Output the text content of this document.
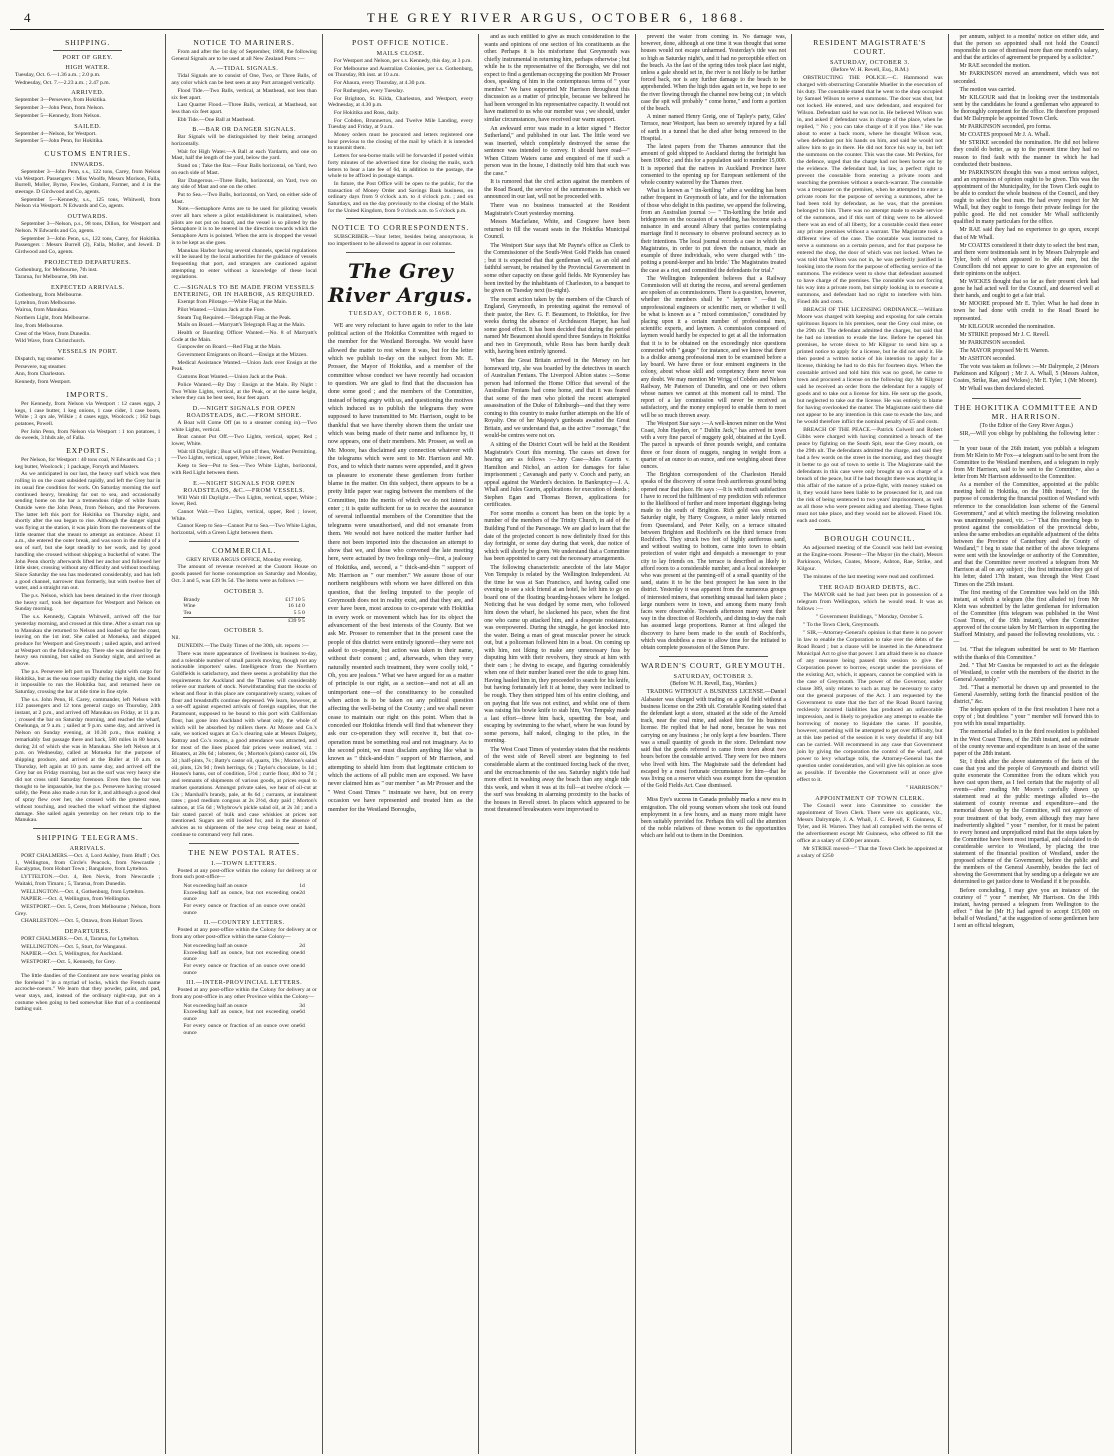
4	THE GREY RIVER ARGUS, OCTOBER 6, 1868.
SHIPPING.
PORT OF GREY.
HIGH WATER.

Tuesday, Oct. 6.—1.36 a.m. ; 2.0 p.m.

Wednesday, Oct. 7.—2.23 a.m. ; 2.47 p.m.

ARRIVED.

September 3—Persevere, from Hokitika.

September 3—John Penn, from Nelson.

September 5—Kennedy, from Nelson.

SAILED.

September 4—Nelson, for Westport.

September 5—John Penn, for Hokitika.

CUSTOMS ENTRIES.
INWARDS.

September 3—John Penn, s.s., 122 tons, Carey, from Nelson via Westport. Passengers : Miss Woolfe, Messrs Morison, Falla, Burrell, Moller, Byrne, Fowles, Graham, Farmer, and 4 in the steerage. D Girdwood and Co, agents.

September 5—Kennedy, s.s., 125 tons, Whitwell, from Nelson via Westport. N Edwards and Co, agents.

OUTWARDS.

September 3—Nelson, p.s., 98 tons, Dillon, for Westport and Nelson. N Edwards and Co, agents.

September 3—John Penn, s.s., 122 tons, Carey, for Hokitika. Passengers : Messrs Burrell (2), Falla, Moller, and Jewell. D Girdwood and Co, agents.

PROJECTED DEPARTURES.

Gothenburg, for Melbourne, 7th inst.

Tararua, for Melbourne, 9th inst.

EXPECTED ARRIVALS.

Gothenburg, from Melbourne.

Lyttelton, from Melbourne.

Wairoa, from Manukau.

Northern Light, from Melbourne.

Ino, from Melbourne.

Crest of the Wave, from Dunedin.

Wild Wave, from Christchurch.

VESSELS IN PORT.

Dispatch, tug steamer.

Persevere, tug steamer.

Ann, from Charleston.

Kennedy, from Westport.

IMPORTS.

Per Kennedy, from Nelson via Westport : 12 cases eggs, 2 kegs, 1 case butter, 1 keg onions, 1 case cider, 1 case boots, White ; 3 qrs ale, Wilkie ; 4 cases eggs, Woolcock ; 162 bags potatoes, Powell.

Per John Penn, from Nelson via Westport : 1 ton potatoes, 1 do sweeds, 3 hhds ale, of Falla.

EXPORTS.

Per Nelson, for Westport : 40 tons coal, N Edwards and Co ; 1 keg butter, Woolcock ; 1 package, Forsyth and Masters.

As we anticipated in our last, the heavy surf which was then rolling in on the coast subsided rapidly, and left the Grey bar in its usual fine condition for work. On Saturday morning the surf continued heavy, breaking far out to sea, and occasionally sending home on the bar a tremendous ridge of white foam. Outside were the John Penn, from Nelson, and the Persevere. The latter left this port for Hokitika on Thursday night, and shortly after the sea began to rise. Although the danger signal was flying at the station, it was plain from the movements of the little steamer that she meant to attempt an entrance. About 11 a.m., she entered the outer break, and was soon in the midst of a sea of surf, but she kept steadily to her work, and by good handling she crossed without shipping a bucketful of water. The John Penn shortly afterwards lifted her anchor and followed her little sister, crossing without any difficulty and without touching. Since Saturday the sea has moderated considerably, and has left a good channel, narrower than formerly, but with twelve feet of water, and a straight run out.

The p.s. Nelson, which has been detained in the river through the heavy surf, took her departure for Westport and Nelson on Sunday morning.

The s.s. Kennedy, Captain Whitwell, arrived off the bar yesterday morning, and crossed at this time. After a smart run up to Manukau she returned to Nelson and loaded up for the coast, leaving on the 1st inst. She called at Motueka, and shipped produce for Westport and Greymouth ; sailed again, and arrived at Westport on the following day. There she was detained by the heavy sea running, but sailed on Sunday night, and arrived as above.

The p.s. Persevere left port on Thursday night with cargo for Hokitika, but as the sea rose rapidly during the night, she found it impossible to run the Hokitika bar, and returned here on Saturday, crossing the bar at tide time in fine style.

The s.s. John Penn, H. Carey, commander, left Nelson with 112 passengers and 12 tons general cargo on Thursday, 24th instant, at 2 p.m., and arrived off Manukau on Friday, at 11 p.m. ; crossed the bar on Saturday morning, and reached the wharf, Onehunga, at 9 a.m. ; sailed at 9 p.m. same day, and arrived in Nelson on Sunday evening, at 10.30 p.m., thus making a remarkably fast passage there and back, 580 miles in 80 hours, during 24 of which she was in Manukau. She left Nelson at 4 p.m. on Wednesday, called at Motueka for the purpose of shipping produce, and arrived at the Buller at 10 a.m. on Thursday, left again at 10 p.m. same day, and arrived off the Grey bar on Friday morning, but as the surf was very heavy she did not cross until Saturday forenoon. Even then the bar was thought to be impassable, but the p.s. Persevere having crossed safely, the Penn also made a run for it, and although a good deal of spray flew over her, she crossed with the greatest ease, without touching, and reached the wharf without the slightest damage. She sailed again yesterday on her return trip to the Manukau.

SHIPPING TELEGRAMS.
ARRIVALS.

PORT CHALMERS.—Oct. 4, Lord Ashley, from Bluff ; Oct. 1, Wellington, from Circle's Peacock, from Newcastle ; Eucalyptus, from Hobart Town ; Bangalore, from Lyttelton.

LYTTELTON.—Oct. 4, Ben Nevis, from Newcastle ; Waitaki, from Timaru ; 5, Tararua, from Dunedin.

WELLINGTON.—Oct. 4, Gothenburg, from Lyttelton.

NAPIER.—Oct. 4, Wellington, from Wellington.

WESTPORT.—Oct. 5, Ceres, from Melbourne ; Nelson, from Grey.

CHARLESTON.—Oct. 5, Ottawa, from Hobart Town.

DEPARTURES.

PORT CHALMERS.—Oct. 4, Tararua, for Lyttelton.

WELLINGTON.—Oct. 5, Sturt, for Wanganui.

NAPIER.—Oct. 5, Wellington, for Auckland.

WESTPORT.—Oct. 5, Kennedy, for Grey.

The little dandies of the Continent are now wearing pinks on the forehead " in a myriad of locks, which the French name accroche-coeurs." We learn that they powder, paint, and pad, wear stays, and, instead of the ordinary night-cap, put on a costume when going to bed somewhat like that of a continental bathing suit.

NOTICE TO MARINERS.

From and after the 1st day of September, 1868, the following General Signals are to be used at all New Zealand Ports :—

A.—TIDAL SIGNALS.

Tidal Signals are to consist of One, Two, or Three Balls, of any color which can be best seen at any Port arranged vertically.

Flood Tide.—Two Balls, vertical, at Masthead, not less than six feet apart.

Last Quarter Flood.—Three Balls, vertical, at Masthead, not less than six feet apart.

Ebb Tide.—One Ball at Masthead.

B.—BAR OR DANGER SIGNALS.

Bar Signals will be distinguished by their being arranged horizontally.

Wait for High Water.—A Ball at each Yardarm, and one on Mast, half the length of the yard, below the yard.

Stand on ; Take the Bar.—Four Balls horizontal, on Yard, two on each side of Mast.

Bar Dangerous.—Three Balls, horizontal, on Yard, two on any side of Mast and one on the other.

Put to Sea.—Two Balls, horizontal, on Yard, on either side of Mast.

Note.—Semaphore Arms are to be used for piloting vessels over all bars where a pilot establishment is maintained, when pilots are not put on board, and the vessel is so piloted by the Semaphore it is to be steered in the direction towards which the Semaphore Arm is pointed. When the arm is dropped the vessel is to be kept as she goes.

Manukau Harbor having several channels, special regulations will be issued by the local authorities for the guidance of vessels frequenting that port, and strangers are cautioned against attempting to enter without a knowledge of these local regulations.

C.—SIGNALS TO BE MADE FROM VESSELS ENTERING, OR IN HARBOR, AS REQUIRED.

Exempt from Pilotage.—White Flag at the Main.

Pilot Wanted.—Union Jack at the Fore.

Steam Tug Required.—Telegraph Flag at the Peak.

Mails on Board.—Marryatt's Telegraph Flag at the Main.

Health or Boarding Officer Wanted.—No. 8 of Marryatt's Code at the Main.

Gunpowder on Board.—Red Flag at the Main.

Government Emigrants on Board.—Ensign at the Mizzen.

Medical Assistance Wanted.—Union Jack over Ensign at the Peak.

Customs Boat Wanted.—Union Jack at the Peak.

Police Wanted.—By Day : Ensign at the Main. By Night : Two White Lights, vertical, at the Peak, or at the same height, where they can be best seen, four feet apart.

D.—NIGHT SIGNALS FOR OPEN ROADSTEADS, &C.—FROM SHORE.

A Boat will Come Off (as to a steamer coming in).—Two white Lights, vertical.

Boat cannot Put Off.—Two Lights, vertical, upper, Red ; lower, White.

Wait till Daylight ; Boat will put off then, Weather Permitting.—Two Lights, vertical, upper, White ; lower, Red.

Keep to Sea—Put to Sea.—Two White Lights, horizontal, with Red Light between them.

E.—NIGHT SIGNALS FOR OPEN ROADSTEADS, &C.—FROM VESSELS.

Will Wait till Daylight.—Two Lights, vertical, upper, White ; lower, Red.

Cannot Wait.—Two Lights, vertical, upper, Red ; lower, White.

Cannot Keep to Sea—Cannot Put to Sea.—Two White Lights, horizontal, with a Green Light between them.

COMMERCIAL.

GREY RIVER ARGUS OFFICE, Monday evening.

The amount of revenue received at the Custom House on goods passed for home consumption on Saturday and Monday, Oct. 3 and 5, was £39 9s 5d. The items were as follows :—

OCTOBER 3.
Brandy	£17 10 5
Wine	16 14 0
Tea	5 5 0
£39 9 5
OCTOBER 5.

Nil.

DUNEDIN.—The Daily Times of the 30th, ult. reports :—

There was more appearance of liveliness in business to-day, and a tolerable number of small parcels moving, though not any noticeable importers' sales. Intelligence from the Northern Goldfields is satisfactory, and there seems a probability that the requirements for Auckland and the Thames will considerably relieve our markets of stock. Notwithstanding that the stocks of wheat and flour in this place are comparatively scanty, values of flour and breadstuffs continue depressed. We learn, however, at a set-off against expected arrivals of foreign supplies, that the Paramount, supposed to be bound to this port with Californian flour, has gone into Auckland with wheat only, the whole of which will be absorbed by millers there. At Moore and Co.'s sale, we noticed sugars at Co.'s clearing sale at Messrs Dalgety, Rattray and Co.'s rooms, a good attendance was attracted, and for most of the lines placed fair prices were realised, viz. : Bloaters, at 28s 6d ; lobsters, 6s ; Morton's (pints) castor oil, 19s 3d ; half-pints, 7s ; Batty's castor oil, quarts, 19s ; Morton's salad oil, pints, 12s 9d ; fresh herrings, 6s ; Taylor's chocolate, 1s 1d ; Houses's hams, out of condition, 5½d ; currie flour, 40d to 7d ; and remnants of shipments of various goods, at prices equal to market quotations. Amongst private sales, we hear of oil-cut at 13s ; Marshall's brandy, pale, at 8s 6d ; currants, at instalment rates ; good medium congous at 2s 2½d, duty paid ; Morton's salmon, at 15s 6d ; Whybrow's pickle salad oil, at 2s 3d ; and a fair stated parcel of bulk and case whiskies at prices not mentioned. Sugars are still looked for, and in the absence of advices as to shipments of the new crop being near at hand, continue to command very full rates.

THE NEW POSTAL RATES.
I.—TOWN LETTERS.

Posted at any post-office within the colony for delivery at or from such post-office—

Not exceeding half an ounce	1d
Exceeding half an ounce, but not exceeding one ounce
2d
For every ounce or fraction of an ounce over one ounce
2d
II.—COUNTRY LETTERS.

Posted at any post-office within the Colony for delivery at or from any other post-office within the same Colony—

Not exceeding half an ounce	2d
Exceeding half an ounce, but not exceeding one ounce
4d
For every ounce or fraction of an ounce over one ounce
4d
III.—INTER-PROVINCIAL LETTERS.

Posted at any post-office within the Colony for delivery at or from any post-office in any other Province within the Colony—

Not exceeding half an ounce	3d
Exceeding half an ounce, but not exceeding one ounce
6d
For every ounce or fraction of an ounce over one ounce
6d
POST OFFICE NOTICE.
MAILS CLOSE.

For Westport and Nelson, per s.s. Kennedy, this day, at 3 p.m.

For Melbourne and Australian Colonies, per s.s. Gothenburg, on Thursday, 8th inst. at 10 a.m.

For Ahaura, every Thursday, at 4.30 p.m.

For Rutherglen, every Tuesday.

For Brighton, St. Kilda, Charleston, and Westport, every Wednesday, at 4.30 p.m.

For Hokitika and Ross, daily.

For Cobden, Brunnerton, and Twelve Mile Landing, every Tuesday and Friday, at 9 a.m.

Money orders must be procured and letters registered one hour previous to the closing of the mail by which it is intended to transmit them.

Letters for sea-borne mails will be forwarded if posted within forty minutes of the advertised time for closing the mails, such letters to bear a late fee of 6d, in addition to the postage, the whole to be affixed in postage stamps.

In future, the Post Office will be open to the public, for the transaction of Money Order and Savings Bank business, on ordinary days from 9 o'clock a.m. to 4 o'clock p.m. ; and on Saturdays, and on the day previously to the closing of the Mails for the United Kingdom, from 9 o'clock a.m. to 5 o'clock p.m.

NOTICE TO CORRESPONDENTS.

SUBSCRIBER.—Your letter, besides being anonymous, is too impertinent to be allowed to appear in our columns.

The Grey River Argus.
TUESDAY, OCTOBER 6, 1868.

WE are very reluctant to have again to refer to the late political action of the Hokitika Committee with regard to the member for the Westland Boroughs. We would have allowed the matter to rest where it was, but for the letter which we publish to-day on the subject from Mr. E. Prosser, the Mayor of Hokitika, and a member of the committee whose conduct we have recently had occasion to question. We are glad to find that the discussion has done some good ; and the members of the Committee, instead of being angry with us, and questioning the motives which induced us to publish the telegrams they were supposed to have transmitted to Mr. Harrison, ought to be thankful that we have thereby shown them the unfair use which was being made of their name and influence by, it now appears, one of their members. Mr. Prosser, as well as Mr. Moore, has disclaimed any connection whatever with the telegrams which were sent to Mr. Harrison and Mr. Fox, and to which their names were appended, and it gives us pleasure to exonerate these gentlemen from further blame in the matter. On this subject, there appears to be a pretty little paper war raging between the members of the Committee, into the merits of which we do not intend to enter ; it is quite sufficient for us to receive the assurance of several influential members of the Committee that the telegrams were unauthorised, and did not emanate from them. We would not have noticed the matter further had there not been imported into the discussion an attempt to show that we, and those who convened the late meeting here, were actuated by two feelings only—first, a jealousy of Hokitika, and, second, a " thick-and-thin " support of Mr. Harrison as " our member." We assure those of our northern neighbours with whom we have differed on this question, that the feeling imputed to the people of Greymouth does not in reality exist, and that they are, and ever have been, most anxious to co-operate with Hokitika in every work or movement which has for its object the advancement of the best interests of the County. But we ask Mr. Prosser to remember that in the present case the people of this district were entirely ignored—they were not asked to co-operate, but action was taken in their name, without their consent ; and, afterwards, when they very naturally resented such treatment, they were coolly told, " Oh, you are jealous." What we have argued for as a matter of principle is our right, as a section—and not at all an unimportant one—of the constituency to be consulted when action is to be taken on any political question affecting the well-being of the County ; and we shall never cease to maintain our right on this point. When that is conceded our Hokitika friends will find that whenever they ask our co-operation they will receive it, but that co-operation must be something real and not imaginary. As to the second point, we must disclaim anything like what is known as " thick-and-thin " support of Mr Harrison, and attempting to shield him from that legitimate criticism to which the actions of all public men are exposed. We have never claimed him as " our member " as Mr Prosser and the " West Coast Times " insinuate we have, but on every occasion we have represented and treated him as the member for the Westland Boroughs,

and as such entitled to give as much consideration to the wants and opinions of one section of his constituents as the other. Perhaps it is his misfortune that Greymouth was chiefly instrumental in returning him, perhaps otherwise ; but while he is the representative of the Boroughs, we did not expect to find a gentleman occupying the position Mr Prosser does, speaking of him in the contemptuous terms of " your member." We have supported Mr Harrison throughout this discussion as a matter of principle, because we believed he had been wronged in his representative capacity. It would not have mattered to us who our member was ; we should, under similar circumstances, have received our warm support.

An awkward error was made in a letter signed " Hector Sutherland," and published in our last. The little word we was inserted, which completely destroyed the sense the sentence was intended to convey. It should have read—" When Citizen Waters came and enquired of me if such a person was in the house, I distinctly told him that such was the case."

It is rumored that the civil action against the members of the Road Board, the service of the summonses in which we announced in our last, will not be proceeded with.

There was no business transacted at the Resident Magistrate's Court yesterday morning.

Messrs Macfarlane, White, and Cosgrave have been returned to fill the vacant seats in the Hokitika Municipal Council.

The Westport Star says that Mr Payne's office as Clerk to the Commissioner of the South-West Gold Fields has ceased ; but it is expected that that gentleman will, as an old and faithful servant, be retained by the Provincial Government in some other capacity on these gold fields. Mr Kynnersley has been invited by the inhabitants of Charleston, to a banquet to be given on Tuesday next (to-night).

The recent action taken by the members of the Church of England, Greymouth, in protesting against the removal of their pastor, the Rev. G. F. Beaumont, to Hokitika, for five weeks during the absence of Archdeacon Harper, has had some good effect. It has been decided that during the period named Mr Beaumont should spend three Sundays in Hokitika and two in Greymouth, while Ross has been hardly dealt with, having been entirely ignored.

When the Great Britain arrived in the Mersey on her homeward trip, she was boarded by the detectives in search of Australian Fenians. The Liverpool Albion states :—Some person had informed the Home Office that several of the Australian Fenians had come home, and that it was feared that some of the men who plotted the recent attempted assassination of the Duke of Edinburgh—and that they were coming to this country to make further attempts on the life of Royalty. One of her Majesty's gunboats awaited the Great Britain, and we understand that, as the active " roomage," the would-be centres were not on.

A sitting of the District Court will be held at the Resident Magistrate's Court this morning. The cases set down for hearing are as follows :—Jury Case—Jules Guerin v. Hamilton and Nichol, an action for damages for false imprisonment ; Cavanagh and party v. Cooch and party, an appeal against the Warden's decision. In Bankruptcy—J. A. Whall and Jules Guerin, applications for execution of deeds ; Stephen Egan and Thomas Brown, applications for certificates.

For some months a concert has been on the topic by a number of the members of the Trinity Church, in aid of the Building Fund of the Parsonage. We are glad to learn that the date of the projected concert is now definitely fixed for this day fortnight, or some day during that week, due notice of which will shortly be given. We understand that a Committee has been appointed to carry out the necessary arrangements.

The following characteristic anecdote of the late Major Von Tempsky is related by the Wellington Independent. At the time he was at San Francisco, and having called one evening to see a sick friend at an hotel, he left him to go on board one of the floating boarding-houses where he lodged. Noticing that he was dodged by some men, who followed him down the wharf, he slackened his pace, when the first one who came up attacked him, and a desperate resistance, was overpowered. During the struggle, he got knocked into the water. Being a man of great muscular power he struck out, but a policeman followed him in a boat. On coming up with him, not liking to make any unnecessary fuss by disputing him with their revolvers, they struck at him with their oars ; he diving to escape, and figuring considerably when one of their number leaned over the side to grasp him. Having hauled him in, they proceeded to search for his knife, but having fortunately left it at home, they were inclined to be rough. They then stripped him of his entire clothing, and on paying that life was not extinct, and whilst one of them was raising his bowie knife to stab him, Von Tempsky made a last effort—threw him back, upsetting the boat, and escaping by swimming to the wharf, where he was found by some persons, half naked, clinging to the piles, in the morning.

The West Coast Times of yesterday states that the residents of the west side of Revell street are beginning to feel considerable alarm at the continued forcing back of the river, and the encroachments of the sea. Saturday night's tide had more effect in washing away the beach than any single tide this week, and when it was at its full—at twelve o'clock —the surf was breaking in alarming proximity to the backs of the houses in Revell street. In places which appeared to be most threatened breakwaters were improvised to

prevent the water from coming in. No damage was, however, done, although at one time it was thought that some houses would not escape unharmed. Yesterday's tide was not so high as Saturday night's, and it had no perceptible effect on the beach. As the last of the spring tides took place last night, unless a gale should set in, the river is not likely to be further forced back, nor is any further damage to the beach to be apprehended. When the high tides again set in, we hope to see the river flowing through the channel now being cut ; in which case the spit will probably " come home," and form a portion of the beach.

A miner named Henry Greig, one of Tapley's party, Giles' Terrace, near Westport, has been so severely injured by a fall of earth in a tunnel that he died after being removed to the Hospital.

The latest papers from the Thames announce that the amount of gold shipped to Auckland during the fortnight has been 1900oz ; and this for a population said to number 15,000. It is reported that the natives in Auckland Province have consented to the opening up for European settlement of the whole country watered by the Thames river.

What is known as " tin-kettling " after a wedding has been rather frequent in Greymouth of late, and for the information of those who delight in this pastime, we append the following, from an Australian journal :— " Tin-kettling the bride and bridegroom on the occasion of a wedding, has become such a nuisance in and around Albury that parties contemplating marriage find it necessary to observe profound secrecy as to their intentions. The local journal records a case in which the Magistrates, in order to put down the nuisance, made an example of three individuals, who were charged with ' tin-potting a pound-keeper and his bride.' The Magistrates treated the case as a riot, and committed the defendants for trial."

The Wellington Independent believes that a Railway Commission will sit during the recess, and several gentlemen are spoken of as commissioners. There is a question, however, whether the members shall be " laymen " —that is, unprofessional engineers or scientific men, or whether it will be what is known as a " mixed commission," constituted by placing upon it a certain number of professional men, scientific experts, and laymen. A commission composed of laymen would hardly be expected to get at all the information that it is to be obtained on the exceedingly nice questions connected with " gauge " for instance, and we know that there is a dislike among professional men to be examined before a lay board. We have three or four eminent engineers in the colony, about whose skill and competency there never was any doubt. We may mention Mr Wrigg of Cobden and Nelson Railway, Mr Paterson of Dunedin, and one or two others whose names we cannot at this moment call to mind. The report of a lay commission will never be received as satisfactory, and the money employed to enable them to meet will be so much thrown away.

The Westport Star says :—A well-known miner on the West Coast, John Hayden, or " Dublin Jack," has arrived in town with a very fine parcel of nuggety gold, obtained at the Lyell. The parcel is upwards of three pounds weight, and contains three or four dozen of nuggets, ranging in weight from a quarter of an ounce to an ounce, and one weighing about three ounces.

The Brighton correspondent of the Charleston Herald speaks of the discovery of some fresh auriferous ground being opened near that place. He says :—It is with much satisfaction I have to record the fulfilment of my prediction with reference to the likelihood of further and more important diggings being made to the south of Brighton. Rich gold was struck on Saturday night, by Harry Cosgrave, a miner lately returned from Queensland, and Peter Kelly, on a terrace situated between Brighton and Rochford's on the third terrace from Rochford's. They struck two feet of highly auriferous sand, and without waiting to bottom, came into town to obtain protection of water right and despatch a messenger to your city to lay friends on. The terrace is described as likely to afford room to a considerable number, and a local storekeeper who was present at the panning-off of a small quantity of the sand, states it to be the best prospect he has seen in the district. Yesterday it was apparent from the numerous groups of interested miners, that something unusual had taken place ; large numbers were in town, and among them many fresh faces were observable. Towards afternoon many went their way in the direction of Rochford's, and dining to-day the rush has assumed large proportions. Rumor at first alleged the discovery to have been made to the south of Rochford's, which was doubtless a ruse to allow time for the initiated to obtain complete possession of the Simon Pure.

WARDEN'S COURT, GREYMOUTH.
SATURDAY, OCTOBER 3.

(Before W. H. Revell, Esq., Warden.)

TRADING WITHOUT A BUSINESS LICENSE.—Daniel Alabaster was charged with trading on a gold field without a business license on the 29th ult. Constable Keating stated that the defendant kept a store, situated at the side of the Arnold track, near the coal mine, and asked him for his business license. He replied that he had none, because he was not carrying on any business ; he only kept a few boarders. There was a small quantity of goods in the store. Defendant now said that the goods referred to came from town about two hours before the constable arrived. They were for two miners who lived with him. The Magistrate said the defendant had escaped by a most fortunate circumstance for him—that he was living on a reserve which was exempt from the operation of the Gold Fields Act. Case dismissed.

Miss Eye's success in Canada probably marks a new era in emigration. The old young women whom she took out found employment in a few hours, and as many more might have been suitably provided for. Perhaps this will call the attention of the noble relatives of these women to the opportunities which are held out to them in the Dominion.

RESIDENT MAGISTRATE'S COURT.
SATURDAY, OCTOBER 3.

(Before W. H. Revell, Esq., R.M.)

OBSTRUCTING THE POLICE.—C. Hammond was charged with obstructing Constable Mueller in the execution of his duty. The constable stated that he went to the shop occupied by Samuel Wilson to serve a summons. The door was shut, but not locked. He entered, and saw defendant, and enquired for Wilson. Defendant said he was not in. He believed Wilson was in, and asked if defendant was in charge of the place, when he replied, " No ; you can take charge of it if you like." He was about to enter a back room, where he thought Wilson was, when defendant put his hands on him, and said he would not allow him to go in there. He did not force his way in, but left the summons on the counter. This was the case. Mr Perkins, for the defence, urged that the charge had not been borne out by the evidence. The defendant had, in law, a perfect right to prevent the constable from entering a private room and searching the premises without a search-warrant. The constable was a trespasser on the premises, when he attempted to enter a private room for the purpose of serving a summons, after he had been told by defendant, as he was, that the premises belonged to him. There was no attempt made to evade service of the summons, and if this sort of thing were to be allowed there was an end of all liberty, for a constable could then enter any private premises without a warrant. The Magistrate took a different view of the case. The constable was instructed to serve a summons on a certain person, and for that purpose he entered the shop, the door of which was not locked. When he was told that Wilson was not in, he was perfectly justified in looking into the room for the purpose of effecting service of the summons. The evidence went to show that defendant assumed to have charge of the premises. The constable was not forcing his way into a private room, but simply looking in to execute a summons, and defendant had no right to interfere with him. Fined 40s and costs.

BREACH OF THE LICENSING ORDINANCE.—William Moore was charged with keeping and exposing for sale certain spirituous liquors in his premises, near the Grey coal mine, on the 29th ult. The defendant admitted the charges, but said that he had no intention to evade the law. Before he opened his premises, he wrote down to Mr Kilgour to send him up a printed notice to apply for a license, but he did not send it. He then posted a written notice of his intention to apply for a license, thinking he had to do this for fourteen days. When the constable arrived and told him this was no good, he came to town and procured a license on the following day. Mr Kilgour said he received an order from the defendant for a supply of goods and to take out a license for him. He sent up the goods, but neglected to take out the license. He was entirely to blame for having overlooked the matter. The Magistrate said there did not appear to be any intention in this case to evade the law, and he would therefore inflict the nominal penalty of £5 and costs.

BREACH OF THE PEACE.—Patrick Colwell and Robert Gibbs were charged with having committed a breach of the peace by fighting on the South Spit, near the Grey mouth, on the 29th ult. The defendants admitted the charge, and said they had a few words on the street in the morning, and they thought it better to go out of town to settle it. The Magistrate said the defendants in this case were only brought up on a charge of a breach of the peace, but if he had thought there was anything in this affair of the nature of a prize-fight, with money staked on it, they would have been liable to be prosecuted for it, and ran the risk of being sentenced to two years' imprisonment, as well as all those who were present aiding and abetting. These fights must not take place, and they would not be allowed. Fined 10s. each and costs.

BOROUGH COUNCIL.

An adjourned meeting of the Council was held last evening at the Engine-room. Present—The Mayor (in the chair), Messrs Parkinson, Wickes, Coates, Moore, Ashton, Rae, Strike, and Kilgour.

The minutes of the last meeting were read and confirmed.

THE ROAD BOARD DEBTS, &C.

The MAYOR said he had just been put in possession of a telegram from Wellington, which he would read. It was as follows :—

" Government Buildings, " Monday, October 5.

" To the Town Clerk, Greymouth.

" SIR,—Attorney-General's opinion is that there is no power in law to enable the Corporation to take over the debts of the Road Board ; but a clause will be inserted in the Amendment Municipal Act to give that power. I am afraid there is no chance of any measure being passed this session to give the Corporation power to borrow, except under the provisions of the existing Act, which, it appears, cannot be complied with in the case of Greymouth. The power of the Governor, under clause 389, only relates to such as may be necessary to carry out the general purposes of the Act. I am requested by the Government to state that the fact of the Road Board having recklessly incurred liabilities has produced an unfavorable impression, and is likely to prejudice any attempt to enable the borrowing of money to liquidate the same. If possible, however, something will be attempted to get over difficulty, but at this late period of the session it is very doubtful if any bill can be carried. Will recommend in any case that Government join by giving the corporation the control of the wharf, and power to levy wharfage tolls, the Attorney-General has the question under consideration, and will give his opinion as soon as possible. If favorable the Government will at once give effect to it.

" HARRISON."

APPOINTMENT OF TOWN CLERK.

The Council went into Committee to consider the appointment of Town Clerk. There were six applicants, viz., Messrs Dalrymple, J. A. Whall, J. C. Revell, F. Guinness, E. Tyler, and H. Warren. They had all complied with the terms of the advertisement except Mr Guinness, who offered to fill the office at a salary of £300 per annum.

Mr STRIKE moved—" That the Town Clerk be appointed at a salary of £250

per annum, subject to a months' notice on either side, and that the person so appointed shall not hold the Council responsible in case of dismissal more than one month's salary, and that the articles of agreement be prepared by a solicitor."

Mr RAE seconded the motion.

Mr PARKINSON moved an amendment, which was not seconded.

The motion was carried.

Mr KILGOUR said that in looking over the testimonials sent by the candidates he found a gentleman who appeared to be thoroughly competent for the office. He therefore proposed that Mr Dalrymple be appointed Town Clerk.

Mr PARKINSON seconded, pro forma.

Mr COATES proposed Mr J. A. Whall.

Mr STRIKE seconded the nomination. He did not believe they could do better, as up to the present time they had no reason to find fault with the manner in which he had conducted their business.

Mr PARKINSON thought this was a most serious subject, and an expression of opinion ought to be given. This was the appointment of the Municipality, for the Town Clerk ought to be able to conduct the whole business of the Council, and they ought to select the best man. He had every respect for Mr Whall, but they ought to forego their private feelings for the public good. He did not consider Mr Whall sufficiently qualified in many particulars for the office.

Mr RAE said they had no experience to go upon, except that of Mr Whall.

Mr COATES considered it their duty to select the best man, and there were testimonials sent in by Messrs Dalrymple and Tyler, both of whom appeared to be able men, but the Councillors did not appear to care to give an expression of their opinions on the subject.

Mr WICKES thought that so far as their present clerk had gone he had acted well for the Council, and deserved well at their hands, and ought to get a fair trial.

Mr MOORE proposed Mr E. Tyler. What he had done in town he had done with credit to the Road Board he represented.

Mr KILGOUR seconded the nomination.

Mr STRIKE proposed Mr J. C. Revell.

Mr PARKINSON seconded.

The MAYOR proposed Mr H. Warren.

Mr ASHTON seconded.

The vote was taken as follows :—Mr Dalrymple, 2 (Messrs Parkinson and Kilgour) ; Mr J. A. Whall, 5 (Messrs Ashton, Coates, Strike, Rae, and Wickes) ; Mr E. Tyler, 1 (Mr Moore).

Mr Whall was then declared elected.

THE HOKITIKA COMMITTEE AND MR. HARRISON.

(To the Editor of the Grey River Argus.)

SIR,—Will you oblige by publishing the following letter :—

In your issue of the 26th instant, you publish a telegram from Mr Klein to Mr Fox—a telegram said to be sent from the Committee to the Westland members, and a telegram in reply from Mr Harrison, said to be sent to the Committee, also a letter from Mr Harrison addressed to the Committee.

As a member of the Committee, appointed at the public meeting held in Hokitika, on the 18th instant, " for the purpose of considering the financial position of Westland with reference to the consolidation loan scheme of the General Government," and at which meeting the following resolution was unanimously passed, viz. :—" That this meeting begs to protest against the consolidation of the provincial debts, unless the same embodies an equitable adjustment of the debts between the Province of Canterbury and the County of Westland," I beg to state that neither of the above telegrams were sent with the knowledge or authority of the Committee, and that the Committee never received a telegram from Mr Harrison at all on any subject ; the first intimation they got of his letter, dated 17th instant, was through the West Coast Times on the 25th instant.

The first meeting of the Committee was held on the 18th instant, at which a telegram (the first alluded to) from Mr Klein was submitted by the latter gentleman for information of the Committee (this telegram was published in the West Coast Times, of the 19th instant), when the Committee approved of the course taken by Mr Harrison in supporting the Stafford Ministry, and passed the following resolutions, viz. :—

1st. "That the telegram submitted be sent to Mr Harrison with the thanks of this Committee."

2nd. " That Mr Cassius be requested to act as the delegate of Westland, to confer with the members of the district in the General Assembly."

3rd. "That a memorial be drawn up and presented to the General Assembly, setting forth the financial position of the district," &c.

The telegram spoken of in the first resolution I have not a copy of ; but doubtless " your " member will forward this to you with his usual impartiality.

The memorial alluded to in the third resolution is published in the West Coast Times, of the 26th instant, and an estimate of the county revenue and expenditure is an issue of the same paper of the 28th instant.

Sir, I think after the above statements of the facts of the case that you and the people of Greymouth and district will quite exonerate the Committee from the odium which you have cast upon them, as I feel certain that the majority of all events—after reading Mr Moore's carefully drawn up statement read at the public meetings alluded to—the statement of county revenue and expenditure—and the memorial drawn up by the Committee, will not approve of your treatment of that body, even although they may have inadvertently slighted " your " member, for it must be patent to every honest and unprejudiced mind that the steps taken by the Committee have been most impartial, and calculated to do considerable service to Westland, by placing the true statement of the financial position of Westland, under the proposed scheme of the Government, before the public and the members of the General Assembly, besides the fact of showing the Government that by sending up a delegate we are determined to get justice done to Westland if it be possible.

Before concluding, I may give you an instance of the courtesy of " your " member, Mr Harrison. On the 19th instant, having perused a telegram from Wellington to the effect " that he (Mr H.) had agreed to accept £15,000 on behalf of Westland," at the suggestion of some gentlemen here I sent an official telegram,
